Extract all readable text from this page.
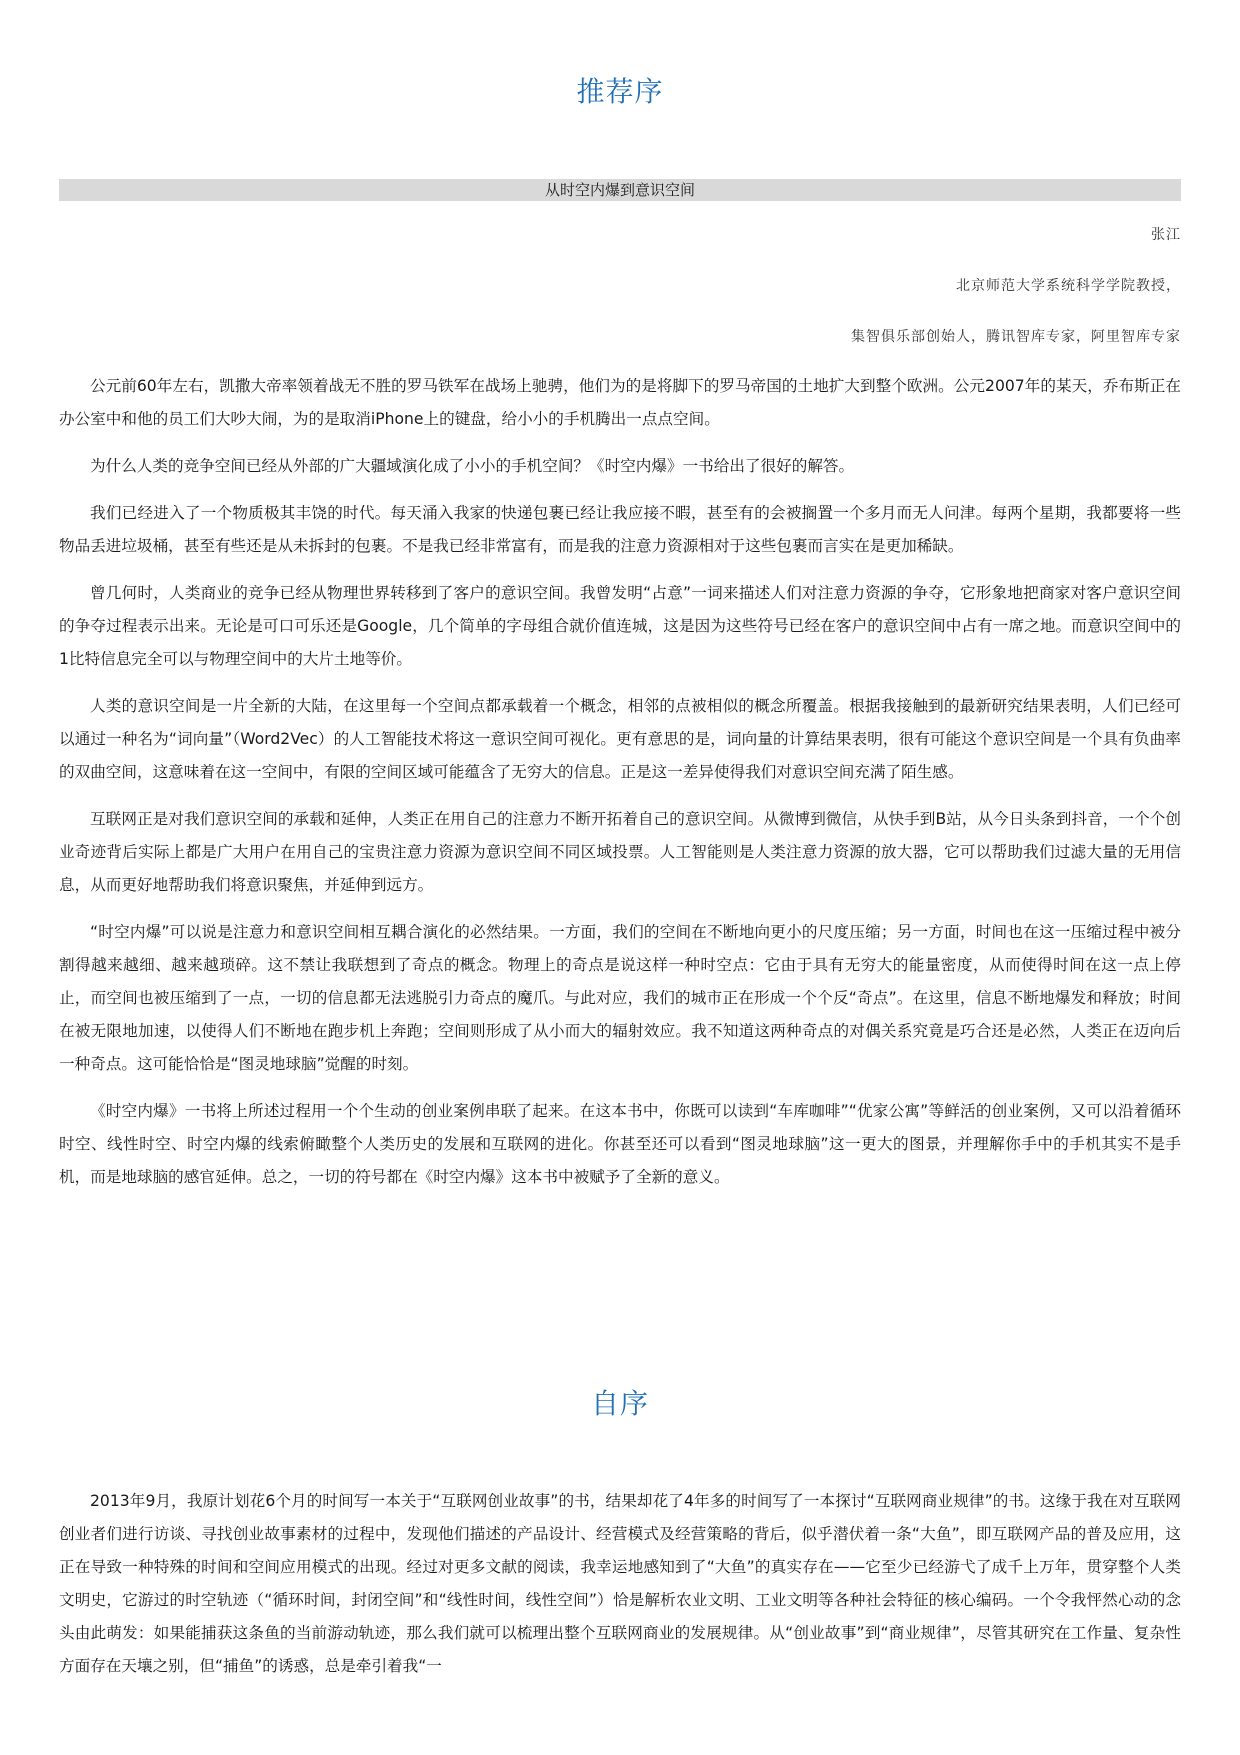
推荐序
从时空内爆到意识空间
张江
北京师范大学系统科学学院教授，
集智俱乐部创始人，腾讯智库专家，阿里智库专家

公元前60年左右，凯撒大帝率领着战无不胜的罗马铁军在战场上驰骋，他们为的是将脚下的罗马帝国的土地扩大到整个欧洲。公元2007年的某天，乔布斯正在办公室中和他的员工们大吵大闹，为的是取消iPhone上的键盘，给小小的手机腾出一点点空间。

为什么人类的竞争空间已经从外部的广大疆域演化成了小小的手机空间？《时空内爆》一书给出了很好的解答。

我们已经进入了一个物质极其丰饶的时代。每天涌入我家的快递包裹已经让我应接不暇，甚至有的会被搁置一个多月而无人问津。每两个星期，我都要将一些物品丢进垃圾桶，甚至有些还是从未拆封的包裹。不是我已经非常富有，而是我的注意力资源相对于这些包裹而言实在是更加稀缺。

曾几何时，人类商业的竞争已经从物理世界转移到了客户的意识空间。我曾发明“占意”一词来描述人们对注意力资源的争夺，它形象地把商家对客户意识空间的争夺过程表示出来。无论是可口可乐还是Google，几个简单的字母组合就价值连城，这是因为这些符号已经在客户的意识空间中占有一席之地。而意识空间中的1比特信息完全可以与物理空间中的大片土地等价。

人类的意识空间是一片全新的大陆，在这里每一个空间点都承载着一个概念，相邻的点被相似的概念所覆盖。根据我接触到的最新研究结果表明，人们已经可以通过一种名为“词向量”（Word2Vec）的人工智能技术将这一意识空间可视化。更有意思的是，词向量的计算结果表明，很有可能这个意识空间是一个具有负曲率的双曲空间，这意味着在这一空间中，有限的空间区域可能蕴含了无穷大的信息。正是这一差异使得我们对意识空间充满了陌生感。

互联网正是对我们意识空间的承载和延伸，人类正在用自己的注意力不断开拓着自己的意识空间。从微博到微信，从快手到B站，从今日头条到抖音，一个个创业奇迹背后实际上都是广大用户在用自己的宝贵注意力资源为意识空间不同区域投票。人工智能则是人类注意力资源的放大器，它可以帮助我们过滤大量的无用信息，从而更好地帮助我们将意识聚焦，并延伸到远方。

“时空内爆”可以说是注意力和意识空间相互耦合演化的必然结果。一方面，我们的空间在不断地向更小的尺度压缩；另一方面，时间也在这一压缩过程中被分割得越来越细、越来越琐碎。这不禁让我联想到了奇点的概念。物理上的奇点是说这样一种时空点：它由于具有无穷大的能量密度，从而使得时间在这一点上停止，而空间也被压缩到了一点，一切的信息都无法逃脱引力奇点的魔爪。与此对应，我们的城市正在形成一个个反“奇点”。在这里，信息不断地爆发和释放；时间在被无限地加速，以使得人们不断地在跑步机上奔跑；空间则形成了从小而大的辐射效应。我不知道这两种奇点的对偶关系究竟是巧合还是必然，人类正在迈向后一种奇点。这可能恰恰是“图灵地球脑”觉醒的时刻。

《时空内爆》一书将上所述过程用一个个生动的创业案例串联了起来。在这本书中，你既可以读到“车库咖啡”“优家公寓”等鲜活的创业案例，又可以沿着循环时空、线性时空、时空内爆的线索俯瞰整个人类历史的发展和互联网的进化。你甚至还可以看到“图灵地球脑”这一更大的图景，并理解你手中的手机其实不是手机，而是地球脑的感官延伸。总之，一切的符号都在《时空内爆》这本书中被赋予了全新的意义。

自序

2013年9月，我原计划花6个月的时间写一本关于“互联网创业故事”的书，结果却花了4年多的时间写了一本探讨“互联网商业规律”的书。这缘于我在对互联网创业者们进行访谈、寻找创业故事素材的过程中，发现他们描述的产品设计、经营模式及经营策略的背后，似乎潜伏着一条“大鱼”，即互联网产品的普及应用，这正在导致一种特殊的时间和空间应用模式的出现。经过对更多文献的阅读，我幸运地感知到了“大鱼”的真实存在——它至少已经游弋了成千上万年，贯穿整个人类文明史，它游过的时空轨迹（“循环时间，封闭空间”和“线性时间，线性空间”）恰是解析农业文明、工业文明等各种社会特征的核心编码。一个令我怦然心动的念头由此萌发：如果能捕获这条鱼的当前游动轨迹，那么我们就可以梳理出整个互联网商业的发展规律。从“创业故事”到“商业规律”，尽管其研究在工作量、复杂性方面存在天壤之别，但“捕鱼”的诱惑，总是牵引着我“一
